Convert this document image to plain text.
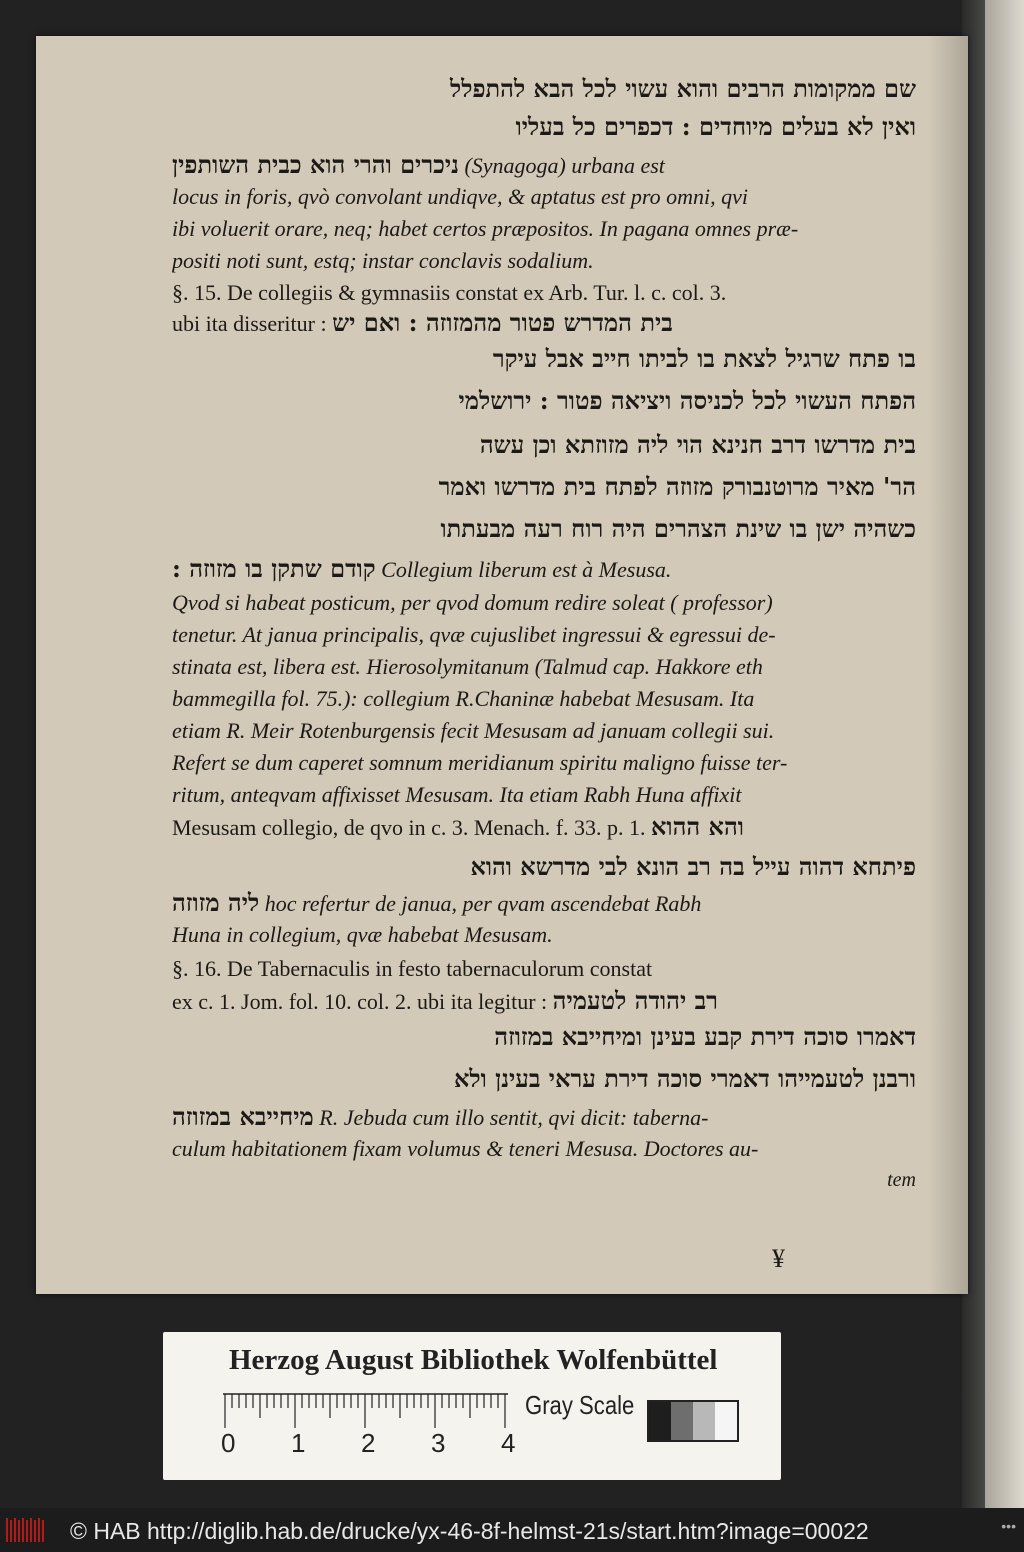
שם ממקומות הרבים והוא עשוי לכל הבא להתפלל
ואין לא בעלים מיוחדים : דכפרים כל בעליו
ניכרים והרי הוא כבית השותפין (Synagoga) urbana est
locus in foris, qvò convolant undiqve, & aptatus est pro omni, qvi
ibi voluerit orare, neq; habet certos præpositos. In pagana omnes præ-
positi noti sunt, estq; instar conclavis sodalium.
§. 15. De collegiis & gymnasiis constat ex Arb. Tur. l. c. col. 3.
ubi ita disseritur : בית המדרש פטור מהמזוזה : ואם יש
בו פתח שרגיל לצאת בו לביתו חייב אבל עיקר
הפתח העשוי לכל לכניסה ויציאה פטור : ירושלמי
בית מדרשו דרב חנינא הוי ליה מזוזתא וכן עשה
הר' מאיר מרוטנבורק מזוזה לפתח בית מדרשו ואמר
כשהיה ישן בו שינת הצהרים היה רוח רעה מבעתתו
: קודם שתקן בו מזוזה Collegium liberum est à Mesusa.
Qvod si habeat posticum, per qvod domum redire soleat ( professor)
tenetur. At janua principalis, qvæ cujuslibet ingressui & egressui de-
stinata est, libera est. Hierosolymitanum (Talmud cap. Hakkore eth
bammegilla fol. 75.): collegium R.Chaninæ habebat Mesusam. Ita
etiam R. Meir Rotenburgensis fecit Mesusam ad januam collegii sui.
Refert se dum caperet somnum meridianum spiritu maligno fuisse ter-
ritum, anteqvam affixisset Mesusam. Ita etiam Rabh Huna affixit
Mesusam collegio, de qvo in c. 3. Menach. f. 33. p. 1. והא ההוא
פיתחא דהוה עייל בה רב הונא לבי מדרשא והוא
ליה מזוזה hoc refertur de janua, per qvam ascendebat Rabh
Huna in collegium, qvæ habebat Mesusam.
§. 16. De Tabernaculis in festo tabernaculorum constat
ex c. 1. Jom. fol. 10. col. 2. ubi ita legitur : רב יהודה לטעמיה
דאמרו סוכה דירת קבע בעינן ומיחייבא במזוזה
ורבנן לטעמייהו דאמרי סוכה דירת עראי בעינן ולא
מיחייבא במזוזה R. Jebuda cum illo sentit, qvi dicit: taberna-
culum habitationem fixam volumus & teneri Mesusa. Doctores au-
tem
¥
Herzog August Bibliothek Wolfenbüttel
0 1 2 3 4
Gray Scale
© HAB http://diglib.hab.de/drucke/yx-46-8f-helmst-21s/start.htm?image=00022	•••
